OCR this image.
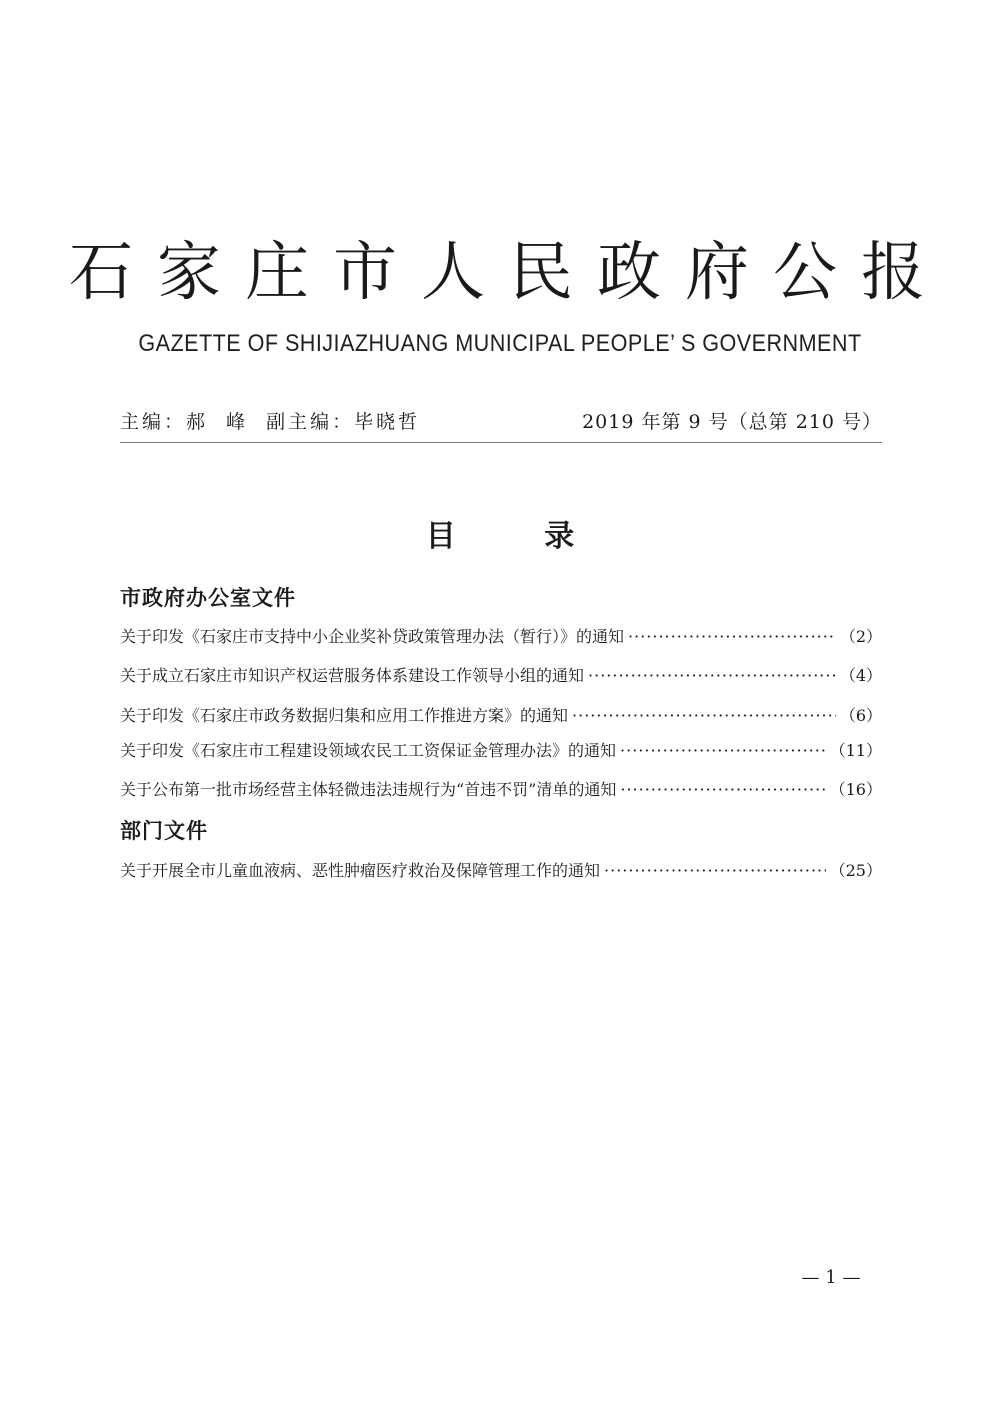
石家庄市人民政府公报
GAZETTE OF SHIJIAZHUANG MUNICIPAL PEOPLE’ S GOVERNMENT
主编：郝  峰  副主编：毕晓哲	2019 年第 9 号（总第 210 号）
目 录
市政府办公室文件
关于印发《石家庄市支持中小企业奖补贷政策管理办法（暂行）》的通知 ·····	（2）
关于成立石家庄市知识产权运营服务体系建设工作领导小组的通知 ·····	（4）
关于印发《石家庄市政务数据归集和应用工作推进方案》的通知 ·····	（6）
关于印发《石家庄市工程建设领域农民工工资保证金管理办法》的通知 ·····	（11）
关于公布第一批市场经营主体轻微违法违规行为“首违不罚”清单的通知 ·····	（16）
部门文件
关于开展全市儿童血液病、恶性肿瘤医疗救治及保障管理工作的通知 ·····	（25）
— 1 —
